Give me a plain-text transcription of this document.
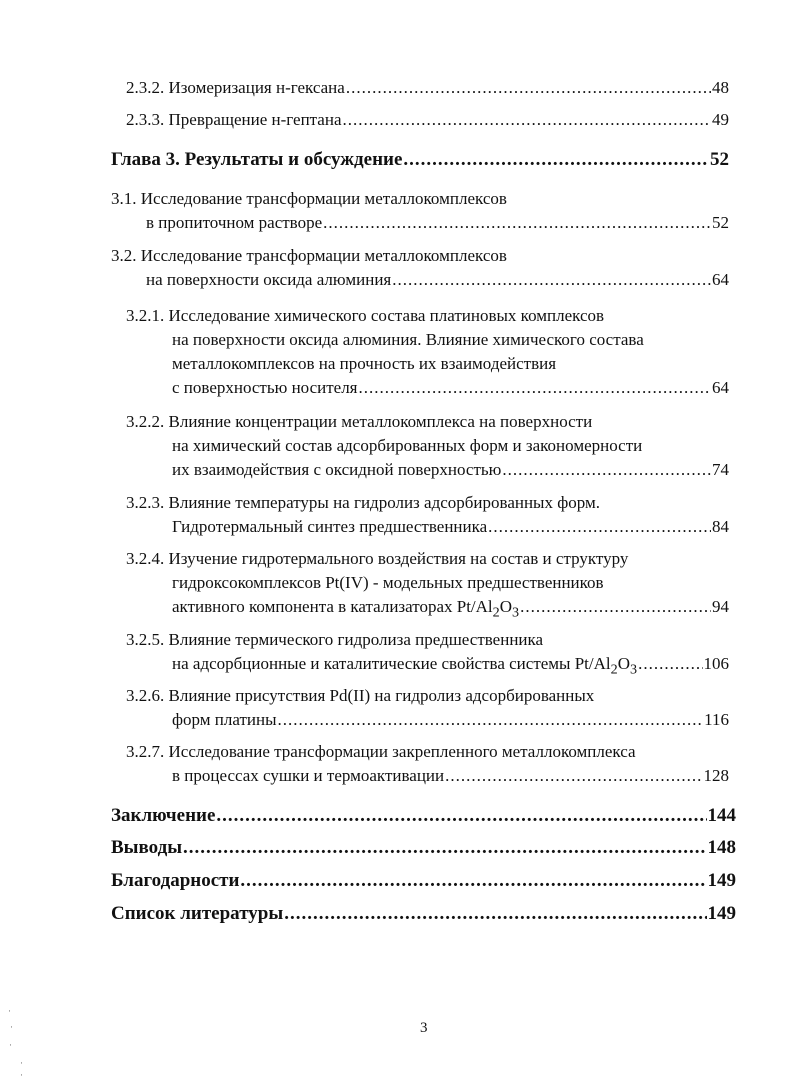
2.3.2. Изомеризация н-гексана .....	48
2.3.3. Превращение н-гептана .....	49
Глава 3. Результаты и обсуждение .....	52
3.1. Исследование трансформации металлокомплексов
в пропиточном растворе .....	52
3.2. Исследование трансформации металлокомплексов
на поверхности оксида алюминия .....	64
3.2.1. Исследование химического состава платиновых комплексов
на поверхности оксида алюминия. Влияние химического состава
металлокомплексов на прочность их взаимодействия
с поверхностью носителя .....	64
3.2.2. Влияние концентрации металлокомплекса на поверхности
на химический состав адсорбированных форм и закономерности
их взаимодействия с оксидной поверхностью .....	74
3.2.3. Влияние температуры на гидролиз адсорбированных форм.
Гидротермальный синтез предшественника .....	84
3.2.4. Изучение гидротермального воздействия на состав и структуру
гидроксокомплексов Pt(IV) - модельных предшественников
активного компонента в катализаторах $Pt/Al_2O_3$ .....	94
3.2.5. Влияние термического гидролиза предшественника
на адсорбционные и каталитические свойства системы $Pt/Al_2O_3$ .....	106
3.2.6. Влияние присутствия Pd(II) на гидролиз адсорбированных
форм платины .....	116
3.2.7. Исследование трансформации закрепленного металлокомплекса
в процессах сушки и термоактивации .....	128
Заключение .....	144
Выводы .....	148
Благодарности .....	149
Список литературы .....	149
3
·
·
·
·
·
